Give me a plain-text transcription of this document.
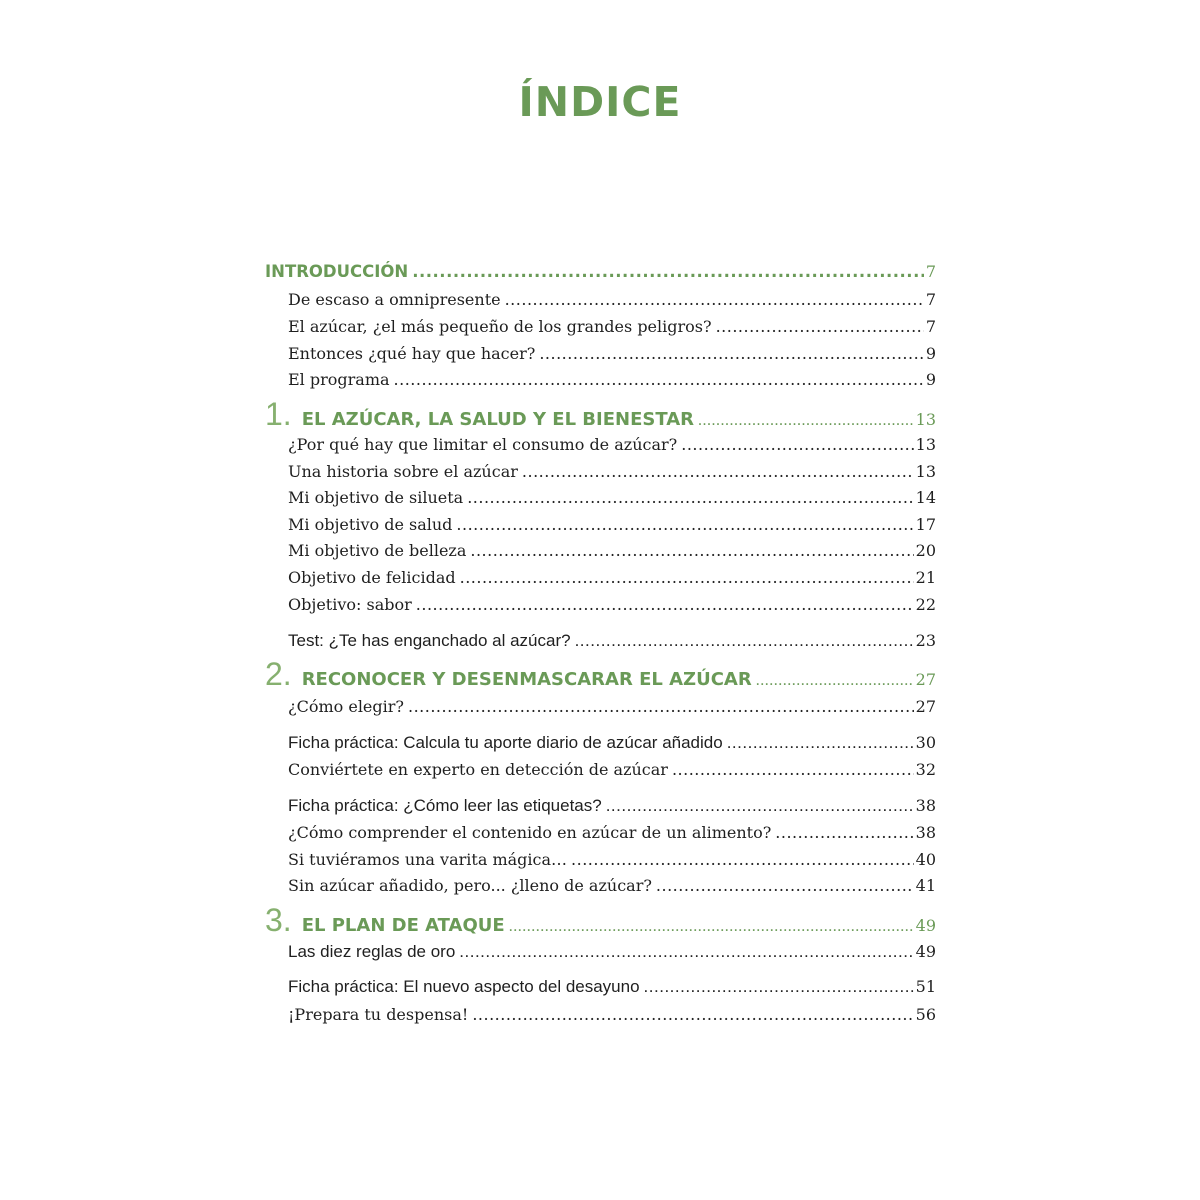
ÍNDICE
INTRODUCCIÓN .....	7
De escaso a omnipresente .....	7
El azúcar, ¿el más pequeño de los grandes peligros? .....	7
Entonces ¿qué hay que hacer? .....	9
El programa .....	9
1. EL AZÚCAR, LA SALUD Y EL BIENESTAR .....	13
¿Por qué hay que limitar el consumo de azúcar? .....	13
Una historia sobre el azúcar .....	13
Mi objetivo de silueta .....	14
Mi objetivo de salud .....	17
Mi objetivo de belleza .....	20
Objetivo de felicidad .....	21
Objetivo: sabor .....	22
Test: ¿Te has enganchado al azúcar? .....	23
2. RECONOCER Y DESENMASCARAR EL AZÚCAR .....	27
¿Cómo elegir? .....	27
Ficha práctica: Calcula tu aporte diario de azúcar añadido .....	30
Conviértete en experto en detección de azúcar .....	32
Ficha práctica: ¿Cómo leer las etiquetas? .....	38
¿Cómo comprender el contenido en azúcar de un alimento? .....	38
Si tuviéramos una varita mágica… .....	40
Sin azúcar añadido, pero... ¿lleno de azúcar? .....	41
3. EL PLAN DE ATAQUE .....	49
Las diez reglas de oro .....	49
Ficha práctica: El nuevo aspecto del desayuno .....	51
¡Prepara tu despensa! .....	56
